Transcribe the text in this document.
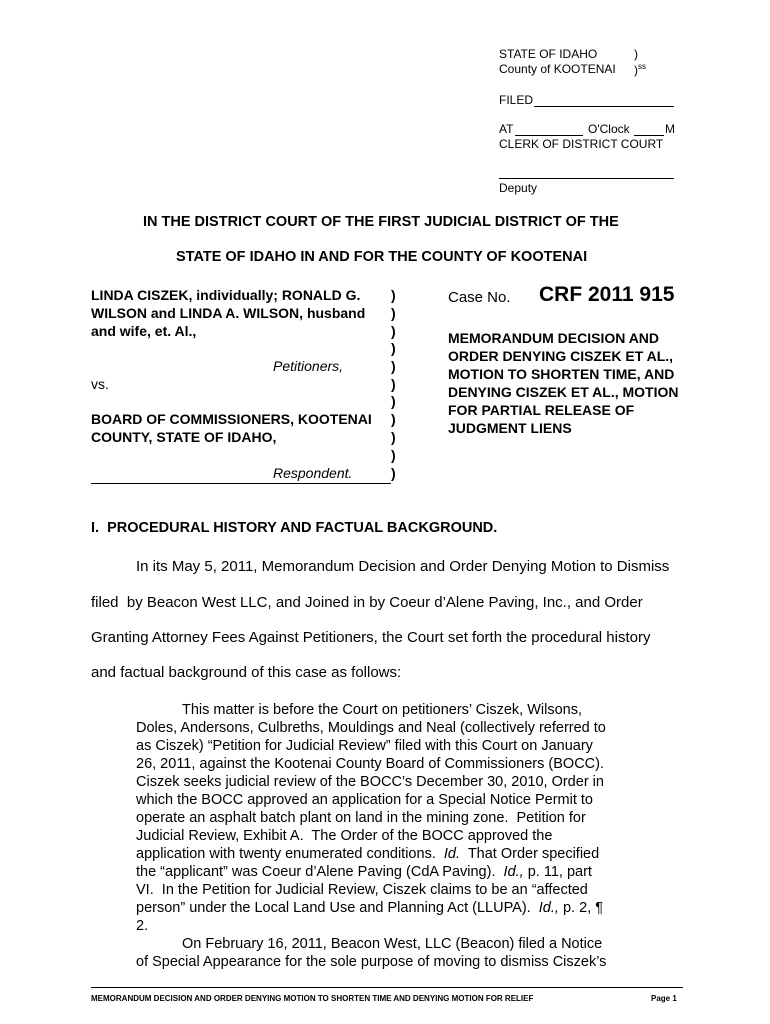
STATE OF IDAHO	)
County of KOOTENAI )$^{ss}$
FILED
AT	O'Clock	M
CLERK OF DISTRICT COURT
Deputy
IN THE DISTRICT COURT OF THE FIRST JUDICIAL DISTRICT OF THE
STATE OF IDAHO IN AND FOR THE COUNTY OF KOOTENAI
LINDA CISZEK, individually; RONALD G.
WILSON and LINDA A. WILSON, husband
and wife, et. Al.,
Petitioners,
vs.
BOARD OF COMMISSIONERS, KOOTENAI
COUNTY, STATE OF IDAHO,
Respondent.
)
)
)
)
)
)
)
)
)
)
)
Case No. CRF 2011 915
MEMORANDUM DECISION AND
ORDER DENYING CISZEK ET AL.,
MOTION TO SHORTEN TIME, AND
DENYING CISZEK ET AL., MOTION
FOR PARTIAL RELEASE OF
JUDGMENT LIENS
I.  PROCEDURAL HISTORY AND FACTUAL BACKGROUND.
In its May 5, 2011, Memorandum Decision and Order Denying Motion to Dismiss
filed  by Beacon West LLC, and Joined in by Coeur d’Alene Paving, Inc., and Order
Granting Attorney Fees Against Petitioners, the Court set forth the procedural history
and factual background of this case as follows:
This matter is before the Court on petitioners’ Ciszek, Wilsons,
Doles, Andersons, Culbreths, Mouldings and Neal (collectively referred to
as Ciszek) “Petition for Judicial Review” filed with this Court on January
26, 2011, against the Kootenai County Board of Commissioners (BOCC).
Ciszek seeks judicial review of the BOCC’s December 30, 2010, Order in
which the BOCC approved an application for a Special Notice Permit to
operate an asphalt batch plant on land in the mining zone.  Petition for
Judicial Review, Exhibit A.  The Order of the BOCC approved the
application with twenty enumerated conditions. Id.  That Order specified
the “applicant” was Coeur d’Alene Paving (CdA Paving). Id., p. 11, part
VI.  In the Petition for Judicial Review, Ciszek claims to be an “affected
person” under the Local Land Use and Planning Act (LLUPA). Id., p. 2, ¶
2.
On February 16, 2011, Beacon West, LLC (Beacon) filed a Notice
of Special Appearance for the sole purpose of moving to dismiss Ciszek’s
MEMORANDUM DECISION AND ORDER DENYING MOTION TO SHORTEN TIME AND DENYING MOTION FOR RELIEF	Page 1
